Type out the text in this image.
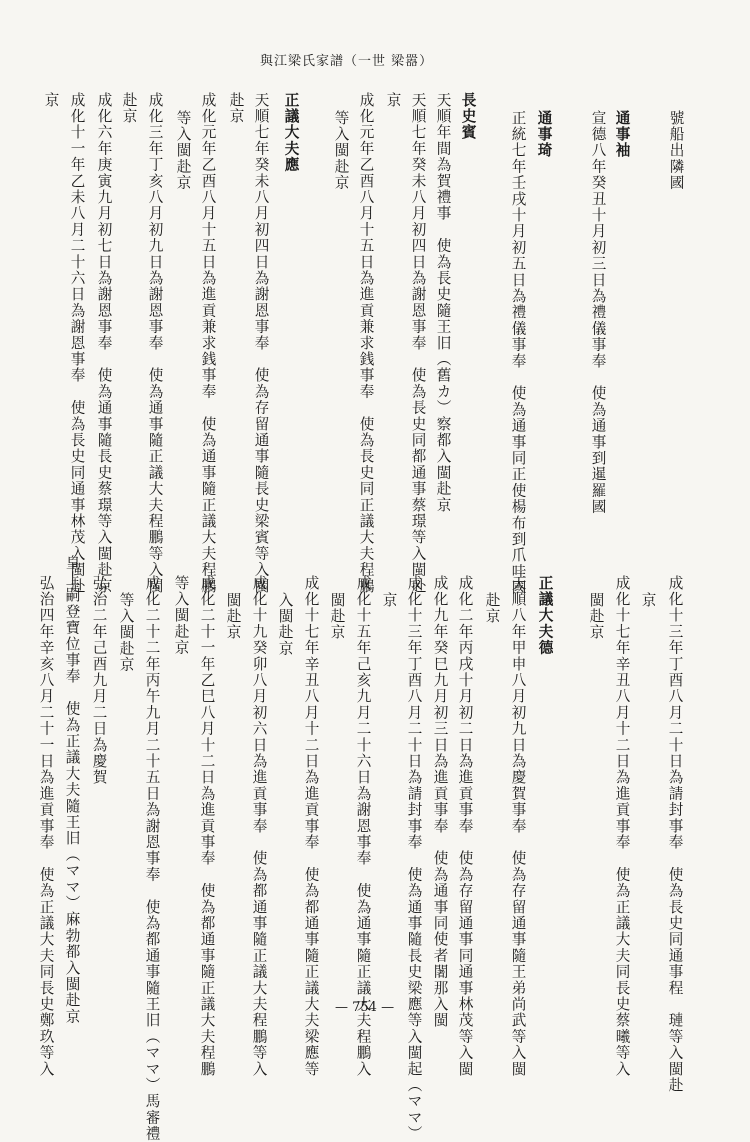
與江梁氏家譜（一世 梁嚣）
號船出隣國
通事袖
宣德八年癸丑十月初三日為禮儀事奉　使為通事到暹羅國
通事琦
正統七年壬戌十月初五日為禮儀事奉　使為通事同正使楊布到爪哇國
長史賓
天順年間為賀禮事　使為長史隨王旧（舊カ）察都入閩赴京
天順七年癸未八月初四日為謝恩事奉　使為長史同都通事蔡璟等入閩赴
京
成化元年乙酉八月十五日為進貢兼求銭事奉　使為長史同正議大夫程鵬
等入閩赴京
正議大夫應
天順七年癸未八月初四日為謝恩事奉　使為存留通事隨長史梁賓等入閩
赴京
成化元年乙酉八月十五日為進貢兼求銭事奉　使為通事隨正議大夫程鵬
等入閩赴京
成化三年丁亥八月初九日為謝恩事奉　使為通事隨正議大夫程鵬等入閩
赴京
成化六年庚寅九月初七日為謝恩事奉　使為通事隨長史蔡璟等入閩赴京
成化十一年乙未八月二十六日為謝恩事奉　使為長史同通事林茂入閩赴
京
成化十三年丁酉八月二十日為請封事奉　使為長史同通事程　璉等入閩赴
京
成化十七年辛丑八月十二日為進貢事奉　使為正議大夫同長史蔡曦等入
閩赴京
正議大夫德
天順八年甲申八月初九日為慶賀事奉　使為存留通事隨王弟尚武等入閩
赴京
成化二年丙戌十月初二日為進貢事奉　使為存留通事同通事林茂等入閩
成化九年癸巳九月初三日為進貢事奉　使為通事同使者闍那入閩
成化十三年丁酉八月二十日為請封事奉　使為通事隨長史梁應等入閩起（ママ）
京
成化十五年己亥九月二十六日為謝恩事奉　使為通事隨正議大夫程鵬入
閩赴京
成化十七年辛丑八月十二日為進貢事奉　使為都通事隨正議大夫梁應等
入閩赴京
成化十九癸卯八月初六日為進貢事奉　使為都通事隨正議大夫程鵬等入
閩赴京
成化二十一年乙巳八月十二日為進貢事奉　使為都通事隨正議大夫程鵬
等入閩赴京
成化二十二年丙午九月二十五日為謝恩事奉　使為都通事隨王旧（ママ）馬審禮
等入閩赴京
弘治二年己酉九月二日為慶賀
皇上嗣登寶位事奉　使為正議大夫隨王旧（ママ）麻勃都入閩赴京
弘治四年辛亥八月二十一日為進貢事奉　使為正議大夫同長史鄭玖等入	— 754 —
